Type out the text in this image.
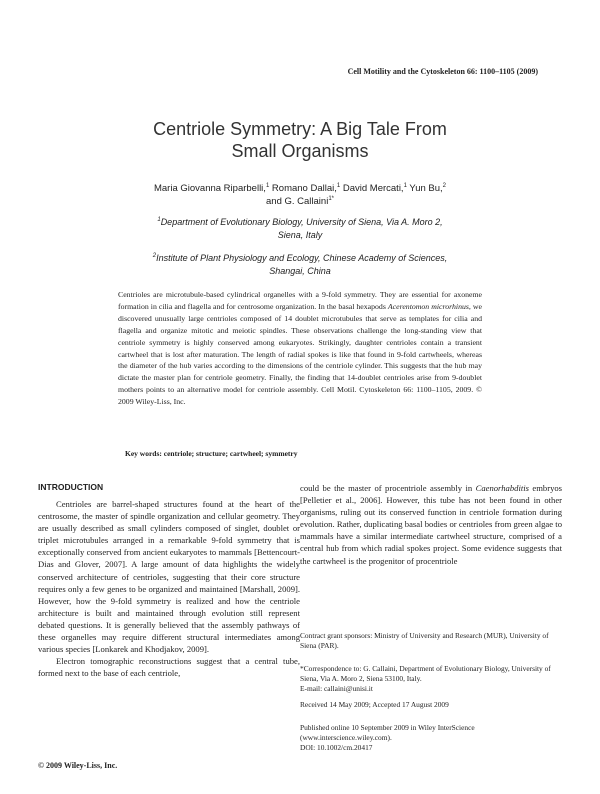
Cell Motility and the Cytoskeleton 66: 1100–1105 (2009)
Centriole Symmetry: A Big Tale From
Small Organisms
Maria Giovanna Riparbelli,$^1$ Romano Dallai,$^1$ David Mercati,$^1$ Yun Bu,$^2$
and G. Callaini$^{1*}$
$^1$Department of Evolutionary Biology, University of Siena, Via A. Moro 2,
Siena, Italy
$^2$Institute of Plant Physiology and Ecology, Chinese Academy of Sciences,
Shangai, China
Centrioles are microtubule-based cylindrical organelles with a 9-fold symmetry. They are essential for axoneme formation in cilia and flagella and for centrosome organization. In the basal hexapods Acerentomon microrhinus, we discovered unusually large centrioles composed of 14 doublet microtubules that serve as templates for cilia and flagella and organize mitotic and meiotic spindles. These observations challenge the long-standing view that centriole symmetry is highly conserved among eukaryotes. Strikingly, daughter centrioles contain a transient cartwheel that is lost after maturation. The length of radial spokes is like that found in 9-fold cartwheels, whereas the diameter of the hub varies according to the dimensions of the centriole cylinder. This suggests that the hub may dictate the master plan for centriole geometry. Finally, the finding that 14-doublet centrioles arise from 9-doublet mothers points to an alternative model for centriole assembly. Cell Motil. Cytoskeleton 66: 1100–1105, 2009. © 2009 Wiley-Liss, Inc.
Key words: centriole; structure; cartwheel; symmetry
INTRODUCTION

Centrioles are barrel-shaped structures found at the heart of the centrosome, the master of spindle organization and cellular geometry. They are usually described as small cylinders composed of singlet, doublet or triplet microtubules arranged in a remarkable 9-fold symmetry that is exceptionally conserved from ancient eukaryotes to mammals [Bettencourt-Dias and Glover, 2007]. A large amount of data highlights the widely conserved architecture of centrioles, suggesting that their core structure requires only a few genes to be organized and maintained [Marshall, 2009]. However, how the 9-fold symmetry is realized and how the centriole architecture is built and maintained through evolution still represent debated questions. It is generally believed that the assembly pathways of these organelles may require different structural intermediates among various species [Lonkarek and Khodjakov, 2009].

Electron tomographic reconstructions suggest that a central tube, formed next to the base of each centriole,

could be the master of procentriole assembly in Caenorhabditis embryos [Pelletier et al., 2006]. However, this tube has not been found in other organisms, ruling out its conserved function in centriole formation during evolution. Rather, duplicating basal bodies or centrioles from green algae to mammals have a similar intermediate cartwheel structure, comprised of a central hub from which radial spokes project. Some evidence suggests that the cartwheel is the progenitor of procentriole

Contract grant sponsors: Ministry of University and Research (MUR), University of Siena (PAR).
*Correspondence to: G. Callaini, Department of Evolutionary Biology, University of Siena, Via A. Moro 2, Siena 53100, Italy.
E-mail: callaini@unisi.it
Received 14 May 2009; Accepted 17 August 2009
Published online 10 September 2009 in Wiley InterScience (www.interscience.wiley.com).
DOI: 10.1002/cm.20417
© 2009 Wiley-Liss, Inc.
